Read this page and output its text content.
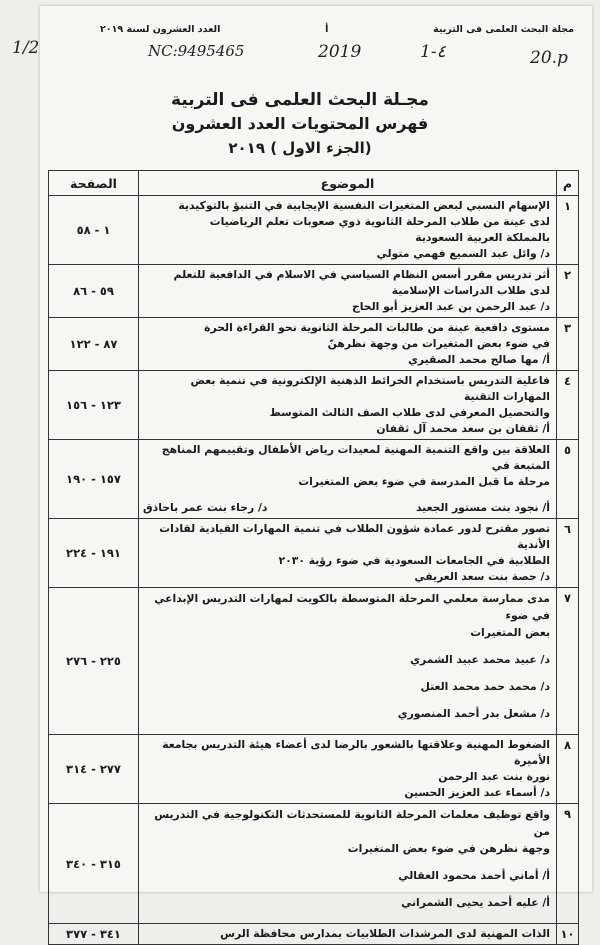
مجلة البحث العلمى فى التربية
أ
العدد العشرون لسنة ٢٠١٩
1/2	NC:9495465	2019	1-٤	20.p
مجـلة البحث العلمى فى التربية
فهرس المحتويات العدد العشرون
(الجزء الاول ) ٢٠١٩
م	الموضوع	الصفحة
١	الإسهام النسبي لبعض المتغيرات النفسية الإيجابية في التنبؤ بالتوكيدية
لدى عينة من طلاب المرحلة الثانوية ذوي صعوبات تعلم الرياضيات
بالمملكة العربية السعودية
د/ وائل عبد السميع فهمي متولي	١ - ٥٨
٢	أثر تدريس مقرر أسس النظام السياسي في الاسلام في الدافعية للتعلم
لدى طلاب الدراسات الإسلامية
د/ عبد الرحمن بن عبد العزيز أبو الحاج	٥٩ - ٨٦
٣	مستوى دافعية عينة من طالبات المرحلة الثانوية نحو القراءة الحرة
في ضوء بعض المتغيرات من وجهة نظرهنّ
أ/ مها صالح محمد الصقيري	٨٧ - ١٢٢
٤	فاعلية التدريس باستخدام الخرائط الذهنية الإلكترونية في تنمية بعض المهارات التقنية
والتحصيل المعرفي لدى طلاب الصف الثالث المتوسط
أ/ ثقفان بن سعد محمد آل ثقفان	١٢٣ - ١٥٦
٥	العلاقة بين واقع التنمية المهنية لمعيدات رياض الأطفال وتقييمهم المناهج المتبعة في
مرحلة ما قبل المدرسة في ضوء بعض المتغيرات
أ/ نجود بنت مستور الجعيد
د/ رجاء بنت عمر باحاذق	١٥٧ - ١٩٠
٦	تصور مقترح لدور عمادة شؤون الطلاب في تنمية المهارات القيادية لقادات الأندية
الطلابية في الجامعات السعودية في ضوء رؤية ٢٠٣٠
د/ حصة بنت سعد العريفي	١٩١ - ٢٢٤
٧	مدى ممارسة معلمي المرحلة المتوسطة بالكويت لمهارات التدريس الإبداعي في ضوء
بعض المتغيرات
د/ عبيد محمد عبيد الشمري
د/ محمد حمد محمد العتل
د/ مشعل بدر أحمد المنصوري	٢٢٥ - ٢٧٦
٨	الضغوط المهنية وعلاقتها بالشعور بالرضا لدى أعضاء هيئة التدريس بجامعة الأميرة
نورة بنت عبد الرحمن
د/ أسماء عبد العزيز الحسين	٢٧٧ - ٣١٤
٩	واقع توظيف معلمات المرحلة الثانوية للمستحدثات التكنولوجية في التدريس من
وجهة نظرهن في ضوء بعض المتغيرات
أ/ أماني أحمد محمود العقالي
أ/ عليه أحمد يحيى الشمراني	٣١٥ - ٣٤٠
١٠	الذات المهنية لدى المرشدات الطلابيات بمدارس محافظة الرس	٣٤١ - ٣٧٧
